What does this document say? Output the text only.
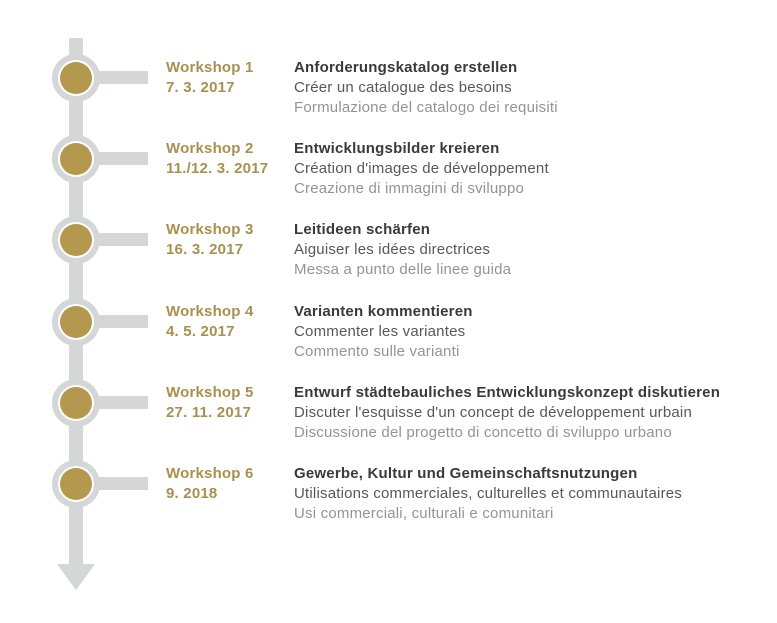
Workshop 1
7. 3. 2017
Anforderungskatalog erstellen
Créer un catalogue des besoins
Formulazione del catalogo dei requisiti
Workshop 2
11./12. 3. 2017
Entwicklungsbilder kreieren
Création d'images de développement
Creazione di immagini di sviluppo
Workshop 3
16. 3. 2017
Leitideen schärfen
Aiguiser les idées directrices
Messa a punto delle linee guida
Workshop 4
4. 5. 2017
Varianten kommentieren
Commenter les variantes
Commento sulle varianti
Workshop 5
27. 11. 2017
Entwurf städtebauliches Entwicklungskonzept diskutieren
Discuter l'esquisse d'un concept de développement urbain
Discussione del progetto di concetto di sviluppo urbano
Workshop 6
9. 2018
Gewerbe, Kultur und Gemeinschaftsnutzungen
Utilisations commerciales, culturelles et communautaires
Usi commerciali, culturali e comunitari
